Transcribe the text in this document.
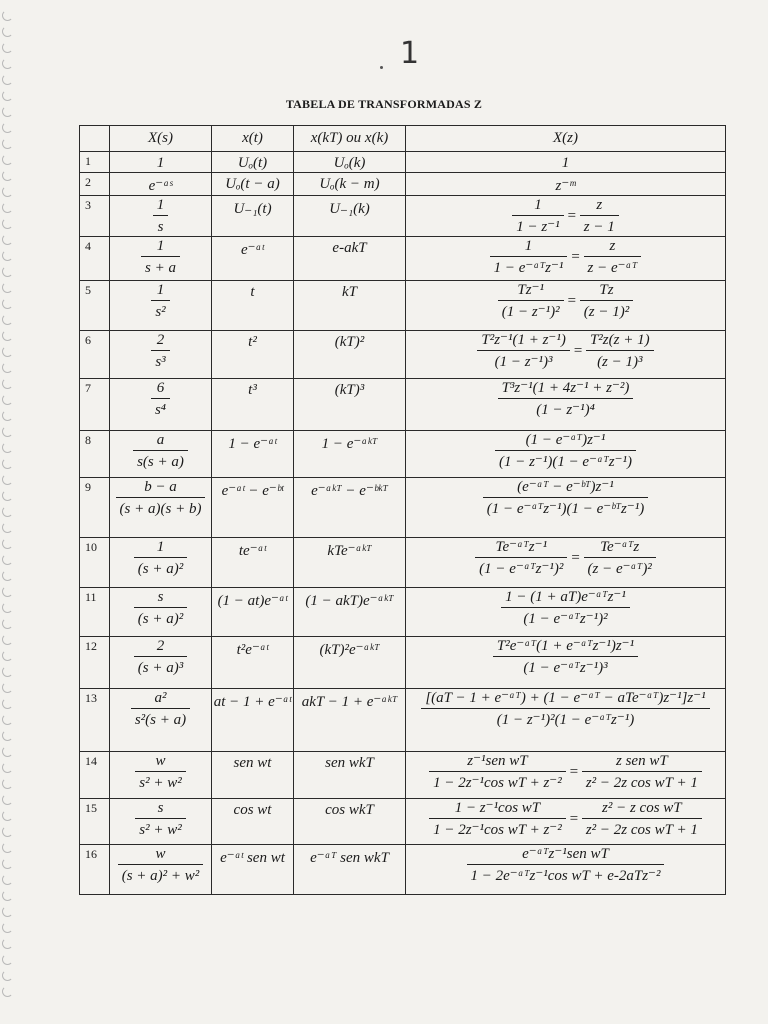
1
TABELA DE TRANSFORMADAS Z
	X(s)	x(t)	x(kT) ou x(k)	X(z)
1	1	Uₒ(t)	Uₒ(k)	1
2	e⁻ᵃˢ	Uₒ(t − a)	Uₒ(k − m)	z⁻ᵐ
3	$\frac{1}{s}$	U₋₁(t)	U₋₁(k)	$\frac{1}{\text{1 − z⁻¹}} = \frac{z}{z - 1}$

4	$\frac{1}{s + a}$	e⁻ᵃᵗ	e-akT	$\frac{1}{\text{1 − e⁻ᵃᵀz⁻¹}} = \frac{z}{\text{z − e⁻ᵃᵀ}}$

5	$\frac{1}{\text{s²}}$	t	kT	$\frac{\text{Tz⁻¹}}{\text{(1 − z⁻¹)²}} = \frac{Tz}{\text{(z − 1)²}}$

6	$\frac{2}{\text{s³}}$	t²	(kT)²	$\frac{\text{T²z⁻¹(1 + z⁻¹)}}{\text{(1 − z⁻¹)³}} = \frac{\text{T²z(z + 1)}}{\text{(z − 1)³}}$

7	$\frac{6}{\text{s⁴}}$	t³	(kT)³	$\frac{\text{T³z⁻¹(1 + 4z⁻¹ + z⁻²)}}{\text{(1 − z⁻¹)⁴}}$

8	$\frac{a}{s(s + a)}$	1 − e⁻ᵃᵗ	1 − e⁻ᵃᵏᵀ	$\frac{\text{(1 − e⁻ᵃᵀ)z⁻¹}}{\text{(1 − z⁻¹)(1 − e⁻ᵃᵀz⁻¹)}}$

9	$\frac{b - a}{(s + a)(s + b)}$	e⁻ᵃᵗ − e⁻ᵇᵗ	e⁻ᵃᵏᵀ − e⁻ᵇᵏᵀ	$\frac{\text{(e⁻ᵃᵀ − e⁻ᵇᵀ)z⁻¹}}{\text{(1 − e⁻ᵃᵀz⁻¹)(1 − e⁻ᵇᵀz⁻¹)}}$

10	$\frac{1}{\text{(s + a)²}}$	te⁻ᵃᵗ	kTe⁻ᵃᵏᵀ	$\frac{\text{Te⁻ᵃᵀz⁻¹}}{\text{(1 − e⁻ᵃᵀz⁻¹)²}} = \frac{\text{Te⁻ᵃᵀz}}{\text{(z − e⁻ᵃᵀ)²}}$

11	$\frac{s}{\text{(s + a)²}}$	(1 − at)e⁻ᵃᵗ	(1 − akT)e⁻ᵃᵏᵀ	$\frac{\text{1 − (1 + aT)e⁻ᵃᵀz⁻¹}}{\text{(1 − e⁻ᵃᵀz⁻¹)²}}$

12	$\frac{2}{\text{(s + a)³}}$	t²e⁻ᵃᵗ	(kT)²e⁻ᵃᵏᵀ	$\frac{\text{T²e⁻ᵃᵀ(1 + e⁻ᵃᵀz⁻¹)z⁻¹}}{\text{(1 − e⁻ᵃᵀz⁻¹)³}}$

13	$\frac{\text{a²}}{\text{s²(s + a)}}$	at − 1 + e⁻ᵃᵗ	akT − 1 + e⁻ᵃᵏᵀ	$\frac{\text{[(aT − 1 + e⁻ᵃᵀ) + (1 − e⁻ᵃᵀ − aTe⁻ᵃᵀ)z⁻¹]z⁻¹}}{\text{(1 − z⁻¹)²(1 − e⁻ᵃᵀz⁻¹)}}$

14	$\frac{w}{\text{s² + w²}}$	sen wt	sen wkT	$\frac{\text{z⁻¹sen wT}}{\text{1 − 2z⁻¹cos wT + z⁻²}} = \frac{\text{z sen wT}}{\text{z² − 2z cos wT + 1}}$

15	$\frac{s}{\text{s² + w²}}$	cos wt	cos wkT	$\frac{\text{1 − z⁻¹cos wT}}{\text{1 − 2z⁻¹cos wT + z⁻²}} = \frac{\text{z² − z cos wT}}{\text{z² − 2z cos wT + 1}}$

16	$\frac{w}{\text{(s + a)² + w²}}$	e⁻ᵃᵗ sen wt	e⁻ᵃᵀ sen wkT	$\frac{\text{e⁻ᵃᵀz⁻¹sen wT}}{\text{1 − 2e⁻ᵃᵀz⁻¹cos wT + e-2aTz⁻²}}$
